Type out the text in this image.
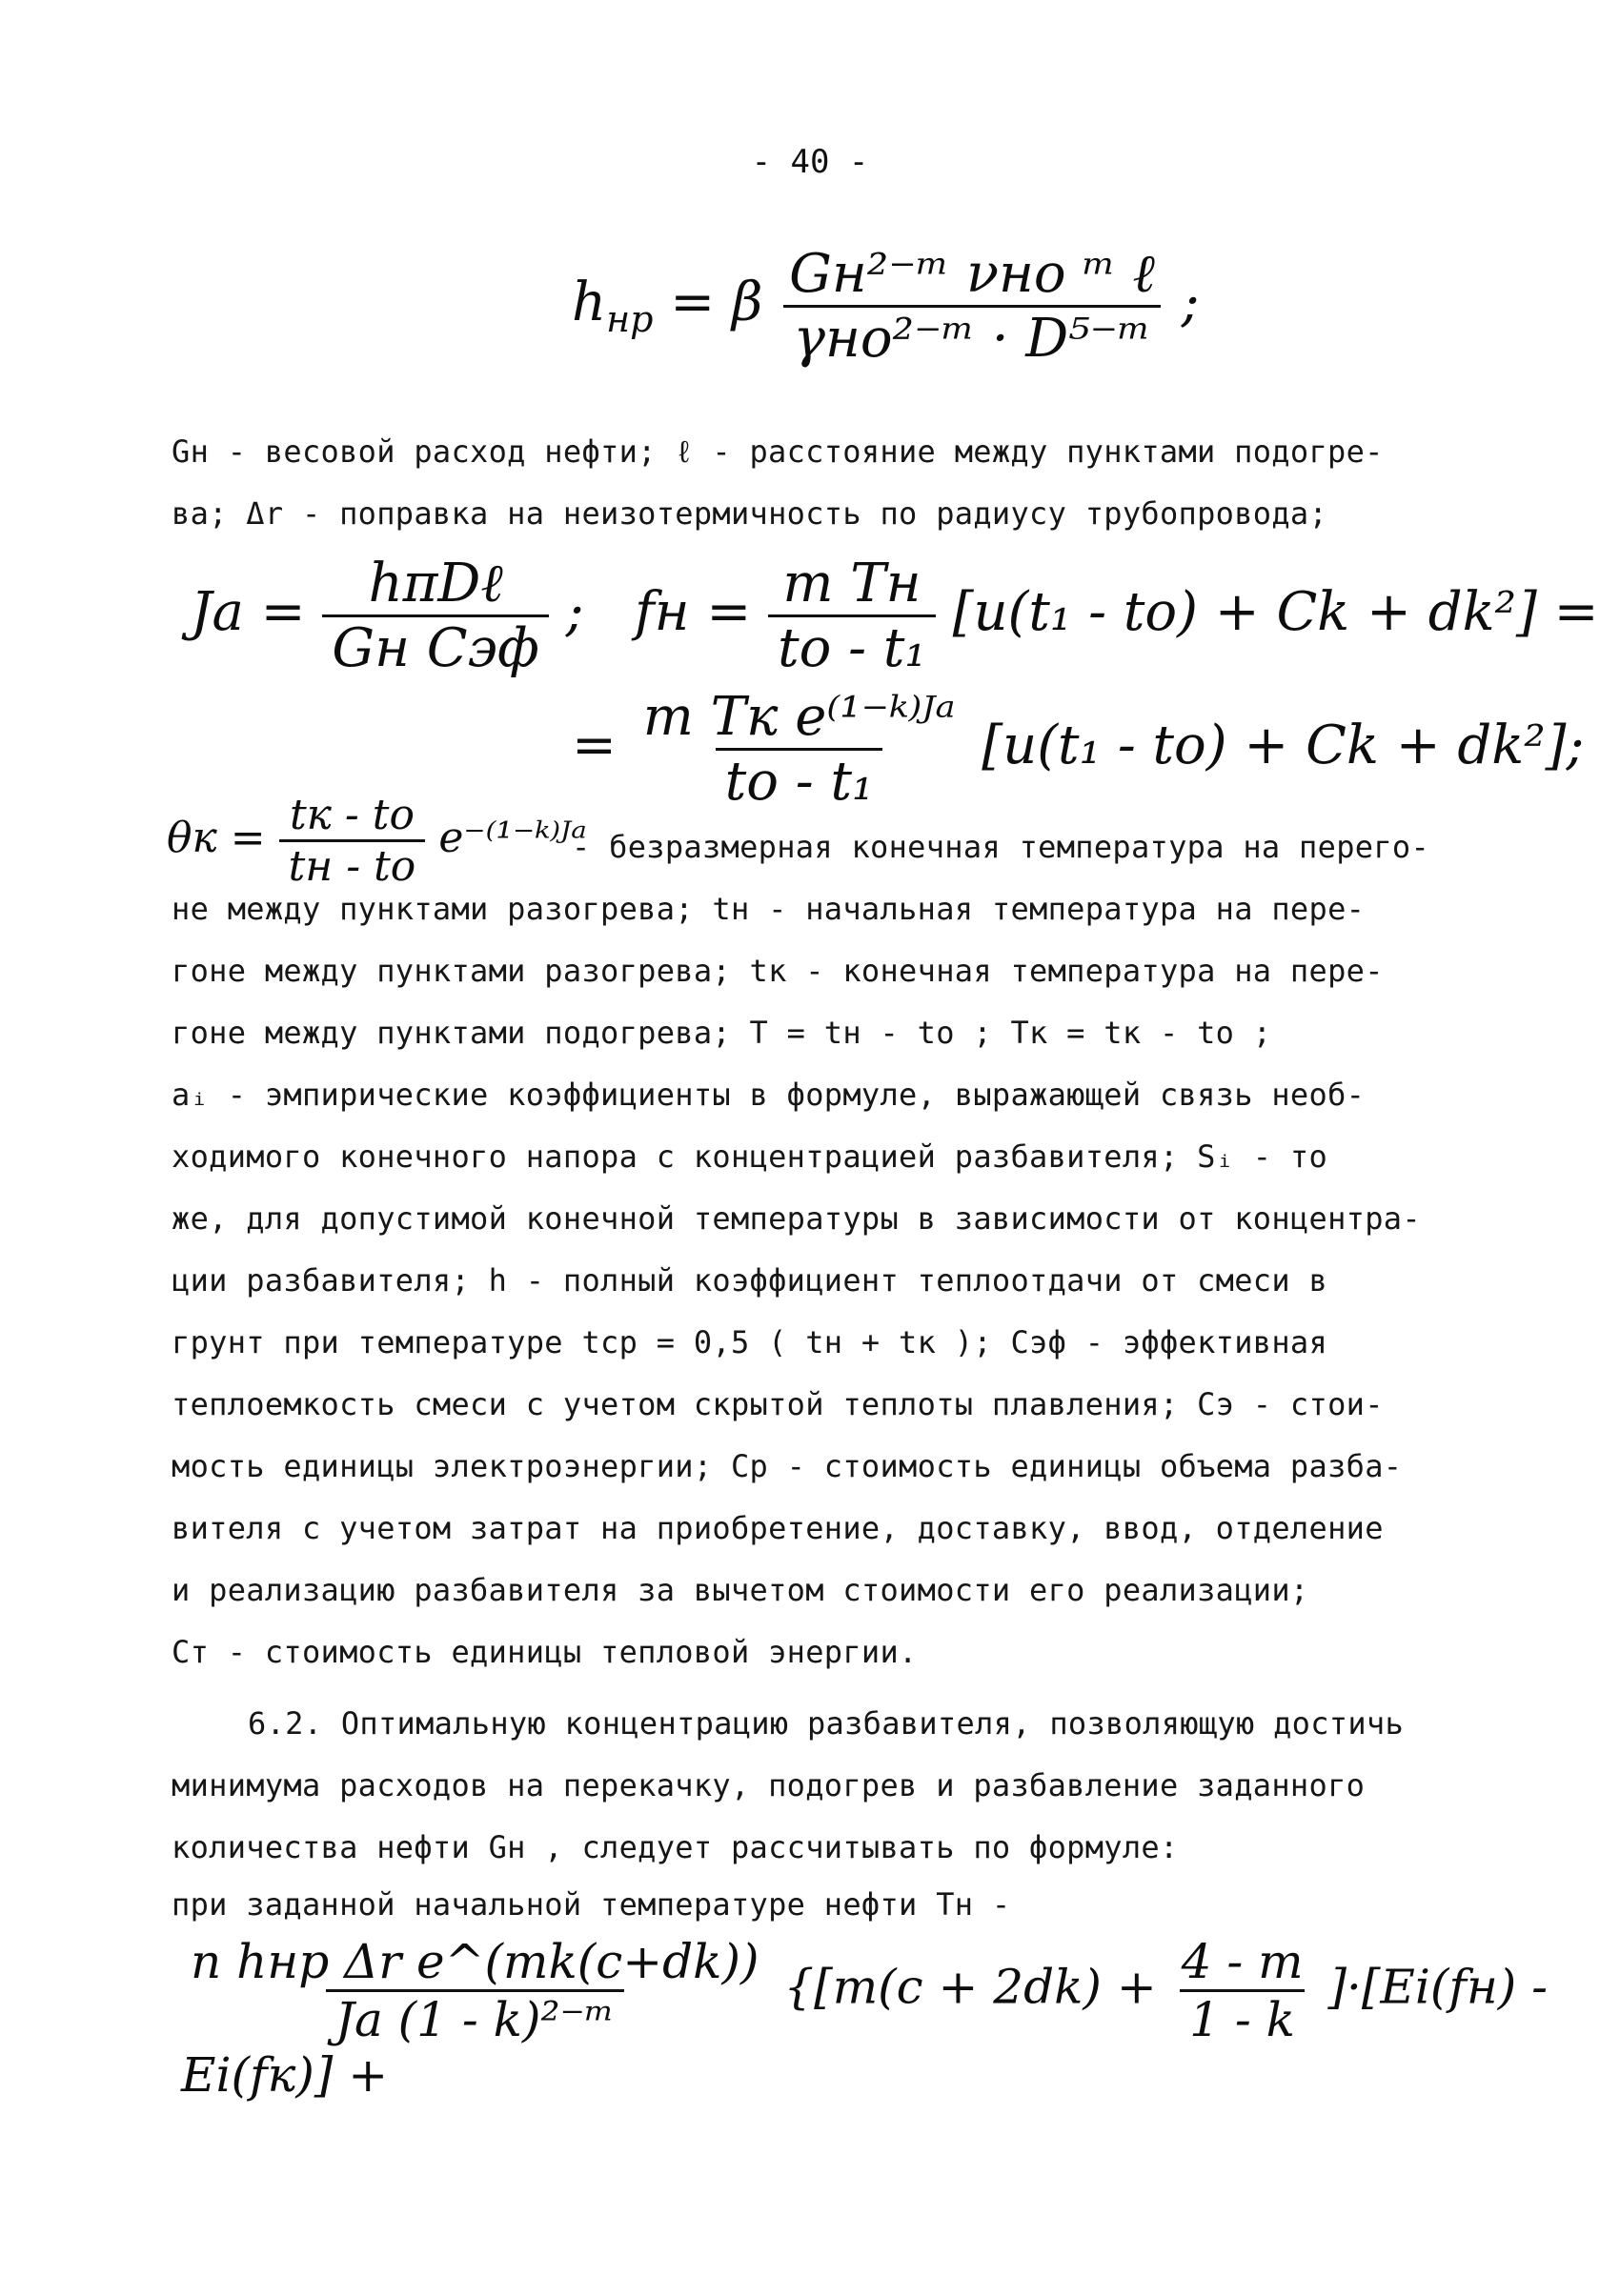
- 40 -
$h_{нр} = \beta \frac{\text{Gн²⁻ᵐ νнo ᵐ ℓ}}{\text{γнo²⁻ᵐ · D⁵⁻ᵐ}}$ ;
Gн - весовой расход нефти; ℓ - расстояние между пунктами подогре-
ва; Δr - поправка на неизотермичность по радиусу трубопровода;
$Ja = \frac{\text{hπDℓ}}{\text{Gн Cэф}}$ ; fн = $\frac{\text{m Tн}}{\text{tо - t₁}} [u(t_1 - tо) + Ck + dk^2]$ =
= $\frac{\text{m Tк e⁽¹⁻ᵏ⁾ᴶᵃ}}{\text{tо - t₁}} [u(t_1 - tо) + Ck + dk^2]$;
$\theta к = \frac{tк - tо}{tн - tо}$ e⁻⁽¹⁻ᵏ⁾ᴶᵃ
- безразмерная конечная температура на перего-
не между пунктами разогрева; tн - начальная температура на пере-
гоне между пунктами разогрева; tк - конечная температура на пере-
гоне между пунктами подогрева; T = tн - tо ; Tк = tк - tо ;
aᵢ - эмпирические коэффициенты в формуле, выражающей связь необ-
ходимого конечного напора с концентрацией разбавителя; Sᵢ - то
же, для допустимой конечной температуры в зависимости от концентра-
ции разбавителя; h - полный коэффициент теплоотдачи от смеси в
грунт при температуре tср = 0,5 ( tн + tк ); Cэф - эффективная
теплоемкость смеси с учетом скрытой теплоты плавления; Cэ - стои-
мость единицы электроэнергии; Cр - стоимость единицы объема разба-
вителя с учетом затрат на приобретение, доставку, ввод, отделение
и реализацию разбавителя за вычетом стоимости его реализации;
Cт - стоимость единицы тепловой энергии.
6.2. Оптимальную концентрацию разбавителя, позволяющую достичь
минимума расходов на перекачку, подогрев и разбавление заданного
количества нефти Gн , следует рассчитывать по формуле:
при заданной начальной температуре нефти Tн -
$\frac{\text{n hнр Δr e\textasciicircum{}(mk(c+dk))}}{\text{Ja (1 - k)²⁻ᵐ}} \{[m(c + 2dk) + \frac{4 - m}{1 - k} ]\cdot[Ei(fн) - Ei(fк)]$ +
